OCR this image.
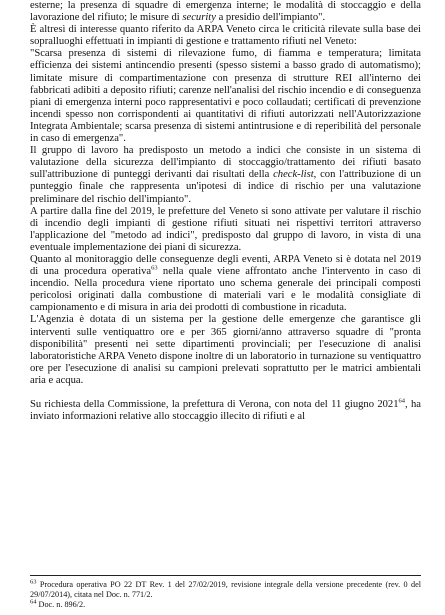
esterne; la presenza di squadre di emergenza interne; le modalità di stoccaggio e della lavorazione del rifiuto; le misure di security a presidio dell'impianto".

È altresì di interesse quanto riferito da ARPA Veneto circa le criticità rilevate sulla base dei sopralluoghi effettuati in impianti di gestione e trattamento rifiuti nel Veneto:

"Scarsa presenza di sistemi di rilevazione fumo, di fiamma e temperatura; limitata efficienza dei sistemi antincendio presenti (spesso sistemi a basso grado di automatismo); limitate misure di compartimentazione con presenza di strutture REI all'interno dei fabbricati adibiti a deposito rifiuti; carenze nell'analisi del rischio incendio e di conseguenza piani di emergenza interni poco rappresentativi e poco collaudati; certificati di prevenzione incendi spesso non corrispondenti ai quantitativi di rifiuti autorizzati nell'Autorizzazione Integrata Ambientale; scarsa presenza di sistemi antintrusione e di reperibilità del personale in caso di emergenza".

Il gruppo di lavoro ha predisposto un metodo a indici che consiste in un sistema di valutazione della sicurezza dell'impianto di stoccaggio/trattamento dei rifiuti basato sull'attribuzione di punteggi derivanti dai risultati della check-list, con l'attribuzione di un punteggio finale che rappresenta un'ipotesi di indice di rischio per una valutazione preliminare del rischio dell'impianto".

A partire dalla fine del 2019, le prefetture del Veneto si sono attivate per valutare il rischio di incendio degli impianti di gestione rifiuti situati nei rispettivi territori attraverso l'applicazione del "metodo ad indici", predisposto dal gruppo di lavoro, in vista di una eventuale implementazione dei piani di sicurezza.

Quanto al monitoraggio delle conseguenze degli eventi, ARPA Veneto si è dotata nel 2019 di una procedura operativa$^{63}$ nella quale viene affrontato anche l'intervento in caso di incendio. Nella procedura viene riportato uno schema generale dei principali composti pericolosi originati dalla combustione di materiali vari e le modalità consigliate di campionamento e di misura in aria dei prodotti di combustione in ricaduta.

L'Agenzia è dotata di un sistema per la gestione delle emergenze che garantisce gli interventi sulle ventiquattro ore e per 365 giorni/anno attraverso squadre di "pronta disponibilità" presenti nei sette dipartimenti provinciali; per l'esecuzione di analisi laboratoristiche ARPA Veneto dispone inoltre di un laboratorio in turnazione su ventiquattro ore per l'esecuzione di analisi su campioni prelevati soprattutto per le matrici ambientali aria e acqua.

Su richiesta della Commissione, la prefettura di Verona, con nota del 11 giugno 2021$^{64}$, ha inviato informazioni relative allo stoccaggio illecito di rifiuti e al

$^{63}$ Procedura operativa PO 22 DT Rev. 1 del 27/02/2019, revisione integrale della versione precedente (rev. 0 del 29/07/2014), citata nel Doc. n. 771/2.

$^{64}$ Doc. n. 896/2.
